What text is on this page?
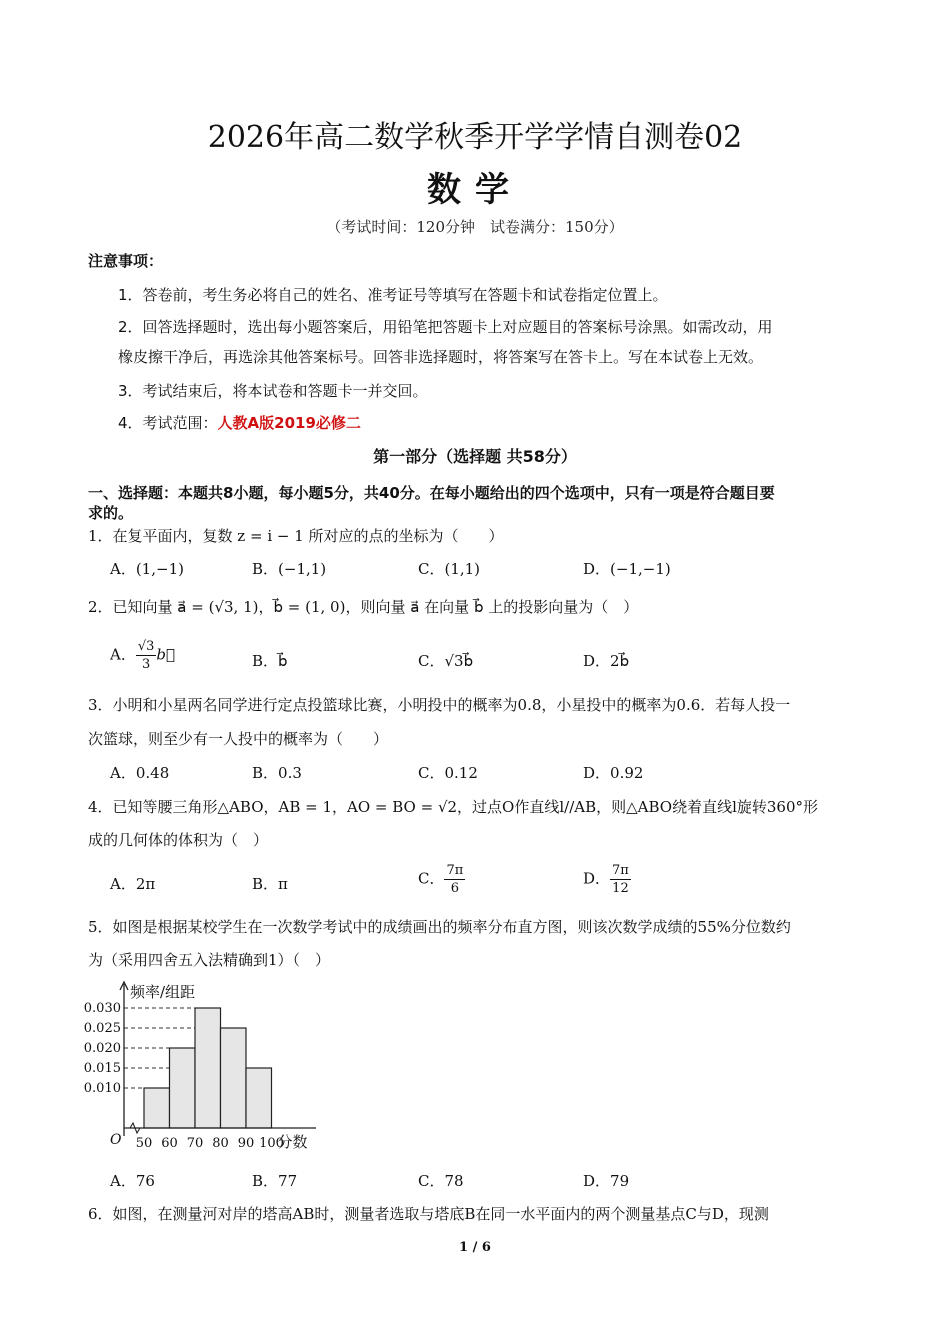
2026年高二数学秋季开学学情自测卷02
数学
（考试时间：120分钟　试卷满分：150分）
注意事项：
1．答卷前，考生务必将自己的姓名、准考证号等填写在答题卡和试卷指定位置上。
2．回答选择题时，选出每小题答案后，用铅笔把答题卡上对应题目的答案标号涂黑。如需改动，用
橡皮擦干净后，再选涂其他答案标号。回答非选择题时，将答案写在答卡上。写在本试卷上无效。
3．考试结束后，将本试卷和答题卡一并交回。
4．考试范围：人教A版2019必修二
第一部分（选择题 共58分）
一、选择题：本题共8小题，每小题5分，共40分。在每小题给出的四个选项中，只有一项是符合题目要
求的。
1．在复平面内，复数 z = i − 1 所对应的点的坐标为（　　）
A．(1,−1)	B．(−1,1)	C．(1,1)	D．(−1,−1)
2．已知向量 a⃗ = (√3, 1)，b⃗ = (1, 0)，则向量 a⃗ 在向量 b⃗ 上的投影向量为（　）
A． $\frac{√3}{3}$ b⃗	B．b⃗	C．√3b⃗	D．2b⃗
3．小明和小星两名同学进行定点投篮球比赛，小明投中的概率为0.8，小星投中的概率为0.6．若每人投一
次篮球，则至少有一人投中的概率为（　　）
A．0.48	B．0.3	C．0.12	D．0.92
4．已知等腰三角形△ABO，AB = 1，AO = BO = √2，过点O作直线l//AB，则△ABO绕着直线l旋转360°形
成的几何体的体积为（　）
A．2π	B．π	C． $\frac{7\pi}{6}$	D． $\frac{7\pi}{12}$
5．如图是根据某校学生在一次数学考试中的成绩画出的频率分布直方图，则该次数学成绩的55%分位数约
为（采用四舍五入法精确到1）（　）
0.010
0.015
0.020
0.025
0.030
50 60 70 80 90 100
O
频率/组距
分数
A．76	B．77	C．78	D．79
6．如图，在测量河对岸的塔高AB时，测量者选取与塔底B在同一水平面内的两个测量基点C与D，现测
1 / 6
